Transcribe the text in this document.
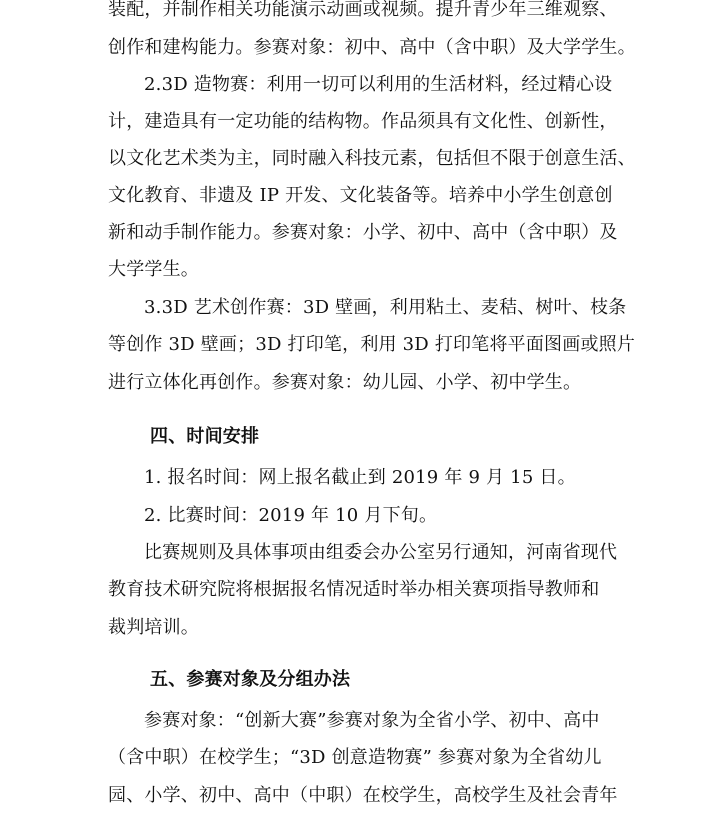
装配，并制作相关功能演示动画或视频。提升青少年三维观察、
创作和建构能力。参赛对象：初中、高中（含中职）及大学学生。
2.3D 造物赛：利用一切可以利用的生活材料，经过精心设
计，建造具有一定功能的结构物。作品须具有文化性、创新性，
以文化艺术类为主，同时融入科技元素，包括但不限于创意生活、
文化教育、非遗及 IP 开发、文化装备等。培养中小学生创意创
新和动手制作能力。参赛对象：小学、初中、高中（含中职）及
大学学生。
3.3D 艺术创作赛：3D 壁画，利用粘土、麦秸、树叶、枝条
等创作 3D 壁画；3D 打印笔，利用 3D 打印笔将平面图画或照片
进行立体化再创作。参赛对象：幼儿园、小学、初中学生。
四、时间安排
1. 报名时间：网上报名截止到 2019 年 9 月 15 日。
2. 比赛时间：2019 年 10 月下旬。
比赛规则及具体事项由组委会办公室另行通知，河南省现代
教育技术研究院将根据报名情况适时举办相关赛项指导教师和
裁判培训。
五、参赛对象及分组办法
参赛对象：“创新大赛”参赛对象为全省小学、初中、高中
（含中职）在校学生；“3D 创意造物赛” 参赛对象为全省幼儿
园、小学、初中、高中（中职）在校学生，高校学生及社会青年
